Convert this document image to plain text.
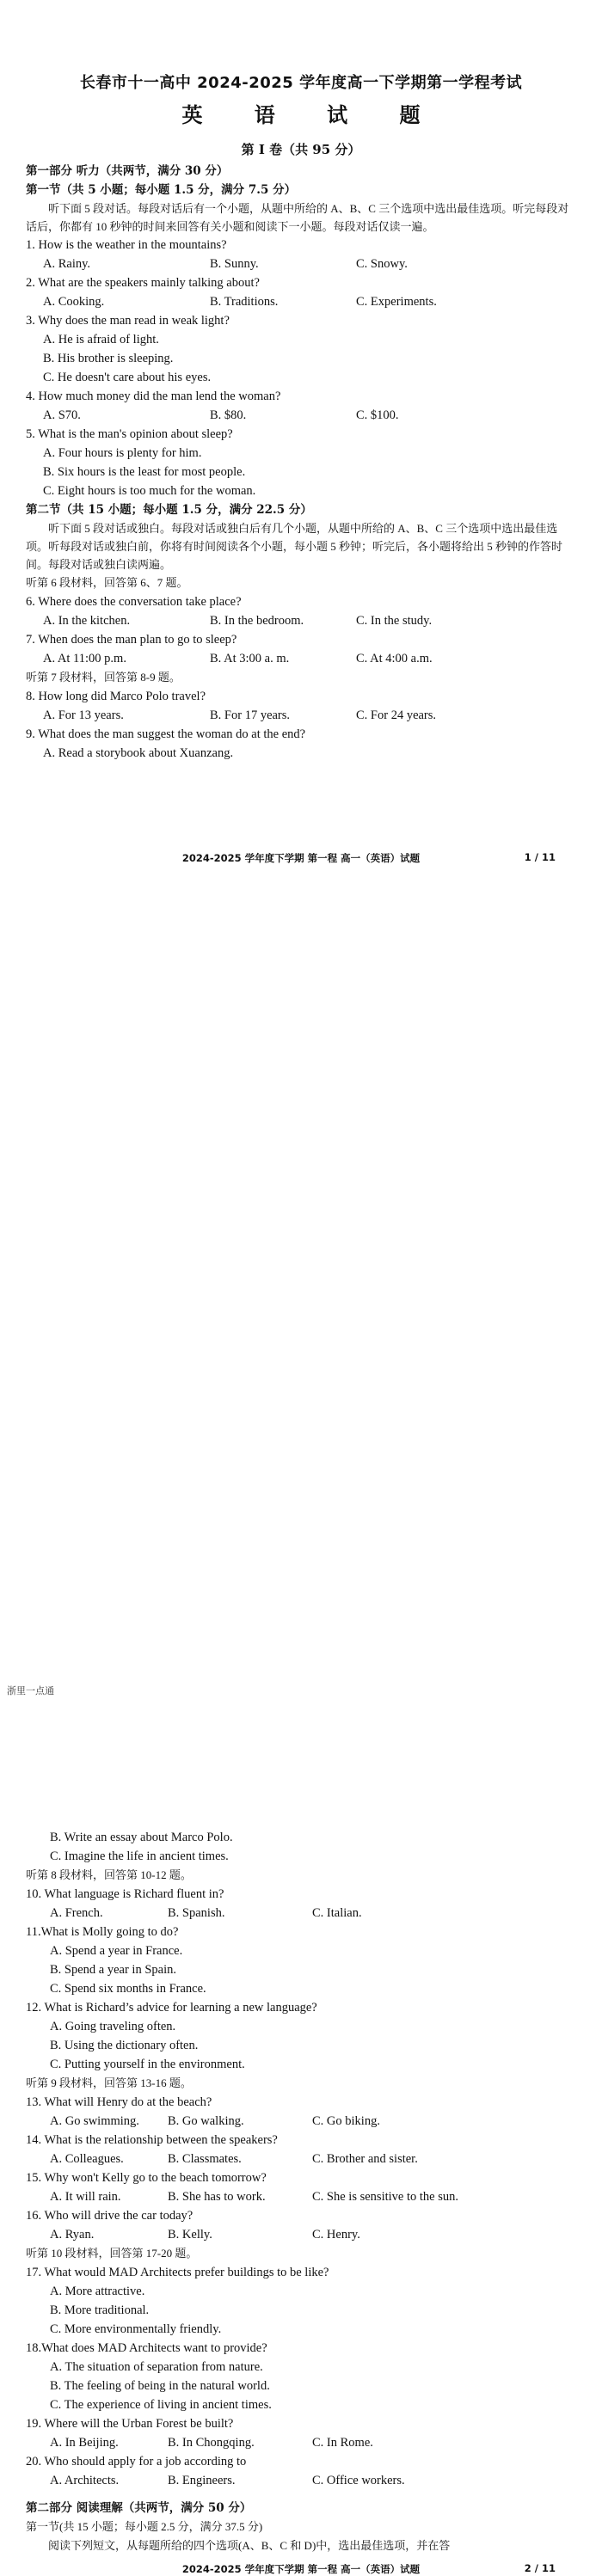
长春市十一高中 2024-2025 学年度高一下学期第一学程考试
英 语 试 题
第 I 卷（共 95 分）
第一部分 听力（共两节，满分 30 分）
第一节（共 5 小题；每小题 1.5 分，满分 7.5 分）

听下面 5 段对话。每段对话后有一个小题，从题中所给的 A、B、C 三个选项中选出最佳选项。听完每段对话后，你都有 10 秒钟的时间来回答有关小题和阅读下一小题。每段对话仅读一遍。

1. How is the weather in the mountains?
A. Rainy.	B. Sunny.	C. Snowy.
2. What are the speakers mainly talking about?
A. Cooking.	B. Traditions.	C. Experiments.
3. Why does the man read in weak light?
A. He is afraid of light.
B. His brother is sleeping.
C. He doesn't care about his eyes.
4. How much money did the man lend the woman?
A. S70.	B. $80.	C. $100.
5. What is the man's opinion about sleep?
A. Four hours is plenty for him.
B. Six hours is the least for most people.
C. Eight hours is too much for the woman.
第二节（共 15 小题；每小题 1.5 分，满分 22.5 分）

听下面 5 段对话或独白。每段对话或独白后有几个小题，从题中所给的 A、B、C 三个选项中选出最佳选项。听每段对话或独白前，你将有时间阅读各个小题，每小题 5 秒钟；听完后，各小题将给出 5 秒钟的作答时间。每段对话或独白读两遍。

听第 6 段材料，回答第 6、7 题。
6. Where does the conversation take place?
A. In the kitchen.	B. In the bedroom.	C. In the study.
7. When does the man plan to go to sleep?
A. At 11:00 p.m.	B. At 3:00 a. m.	C. At 4:00 a.m.
听第 7 段材料，回答第 8-9 题。
8. How long did Marco Polo travel?
A. For 13 years.	B. For 17 years.	C. For 24 years.
9. What does the man suggest the woman do at the end?
A. Read a storybook about Xuanzang.
2024-2025 学年度下学期 第一程 高一（英语）试题	1 / 11
B. Write an essay about Marco Polo.
C. Imagine the life in ancient times.
听第 8 段材料，回答第 10-12 题。
10. What language is Richard fluent in?
A. French.	B. Spanish.	C. Italian.
11.What is Molly going to do?
A. Spend a year in France.
B. Spend a year in Spain.
C. Spend six months in France.
12. What is Richard’s advice for learning a new language?
A. Going traveling often.
B. Using the dictionary often.
C. Putting yourself in the environment.
听第 9 段材料，回答第 13-16 题。
13. What will Henry do at the beach?
A. Go swimming.	B. Go walking.	C. Go biking.
14. What is the relationship between the speakers?
A. Colleagues.	B. Classmates.	C. Brother and sister.
15. Why won't Kelly go to the beach tomorrow?
A. It will rain.	B. She has to work.	C. She is sensitive to the sun.
16. Who will drive the car today?
A. Ryan.	B. Kelly.	C. Henry.
听第 10 段材料，回答第 17-20 题。
17. What would MAD Architects prefer buildings to be like?
A. More attractive.
B. More traditional.
C. More environmentally friendly.
18.What does MAD Architects want to provide?
A. The situation of separation from nature.
B. The feeling of being in the natural world.
C. The experience of living in ancient times.
19. Where will the Urban Forest be built?
A. In Beijing.	B. In Chongqing.	C. In Rome.
20. Who should apply for a job according to
A. Architects.	B. Engineers.	C. Office workers.
第二部分 阅读理解（共两节，满分 50 分）
第一节(共 15 小题；每小题 2.5 分，满分 37.5 分)

阅读下列短文，从每题所给的四个选项(A、B、C 和 D)中，选出最佳选项，并在答

2024-2025 学年度下学期 第一程 高一（英语）试题	2 / 11
浙里一点通
